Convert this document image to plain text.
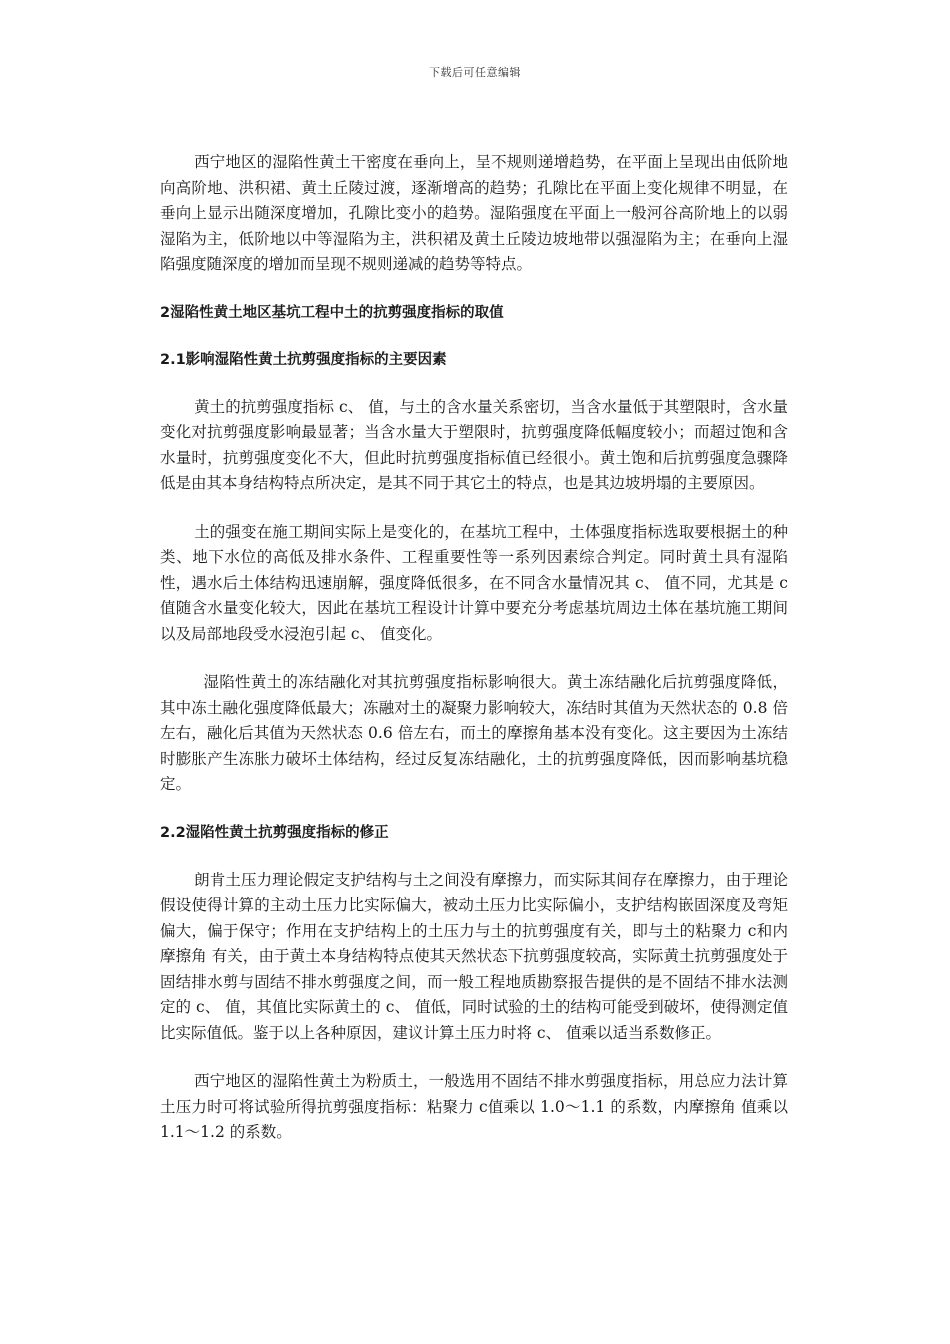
下载后可任意编辑

西宁地区的湿陷性黄土干密度在垂向上，呈不规则递增趋势，在平面上呈现出由低阶地向高阶地、洪积裙、黄土丘陵过渡，逐渐增高的趋势；孔隙比在平面上变化规律不明显，在垂向上显示出随深度增加，孔隙比变小的趋势。湿陷强度在平面上一般河谷高阶地上的以弱湿陷为主，低阶地以中等湿陷为主，洪积裙及黄土丘陵边坡地带以强湿陷为主；在垂向上湿陷强度随深度的增加而呈现不规则递减的趋势等特点。

2湿陷性黄土地区基坑工程中土的抗剪强度指标的取值
2.1影响湿陷性黄土抗剪强度指标的主要因素

黄土的抗剪强度指标 c、 值，与土的含水量关系密切，当含水量低于其塑限时，含水量变化对抗剪强度影响最显著；当含水量大于塑限时，抗剪强度降低幅度较小；而超过饱和含水量时，抗剪强度变化不大，但此时抗剪强度指标值已经很小。黄土饱和后抗剪强度急骤降低是由其本身结构特点所决定，是其不同于其它土的特点，也是其边坡坍塌的主要原因。

土的强变在施工期间实际上是变化的，在基坑工程中，土体强度指标选取要根据土的种类、地下水位的高低及排水条件、工程重要性等一系列因素综合判定。同时黄土具有湿陷性，遇水后土体结构迅速崩解，强度降低很多，在不同含水量情况其 c、 值不同，尤其是 c值随含水量变化较大，因此在基坑工程设计计算中要充分考虑基坑周边土体在基坑施工期间以及局部地段受水浸泡引起 c、 值变化。

湿陷性黄土的冻结融化对其抗剪强度指标影响很大。黄土冻结融化后抗剪强度降低，其中冻土融化强度降低最大；冻融对土的凝聚力影响较大，冻结时其值为天然状态的 0.8 倍左右，融化后其值为天然状态 0.6 倍左右，而土的摩擦角基本没有变化。这主要因为土冻结时膨胀产生冻胀力破坏土体结构，经过反复冻结融化，土的抗剪强度降低，因而影响基坑稳定。

2.2湿陷性黄土抗剪强度指标的修正

朗肯土压力理论假定支护结构与土之间没有摩擦力，而实际其间存在摩擦力，由于理论假设使得计算的主动土压力比实际偏大，被动土压力比实际偏小，支护结构嵌固深度及弯矩偏大，偏于保守；作用在支护结构上的土压力与土的抗剪强度有关，即与土的粘聚力 c和内摩擦角 有关，由于黄土本身结构特点使其天然状态下抗剪强度较高，实际黄土抗剪强度处于固结排水剪与固结不排水剪强度之间，而一般工程地质勘察报告提供的是不固结不排水法测定的 c、 值，其值比实际黄土的 c、 值低，同时试验的土的结构可能受到破坏，使得测定值比实际值低。鉴于以上各种原因，建议计算土压力时将 c、 值乘以适当系数修正。

西宁地区的湿陷性黄土为粉质土，一般选用不固结不排水剪强度指标，用总应力法计算土压力时可将试验所得抗剪强度指标：粘聚力 c值乘以 1.0～1.1 的系数，内摩擦角 值乘以 1.1～1.2 的系数。
